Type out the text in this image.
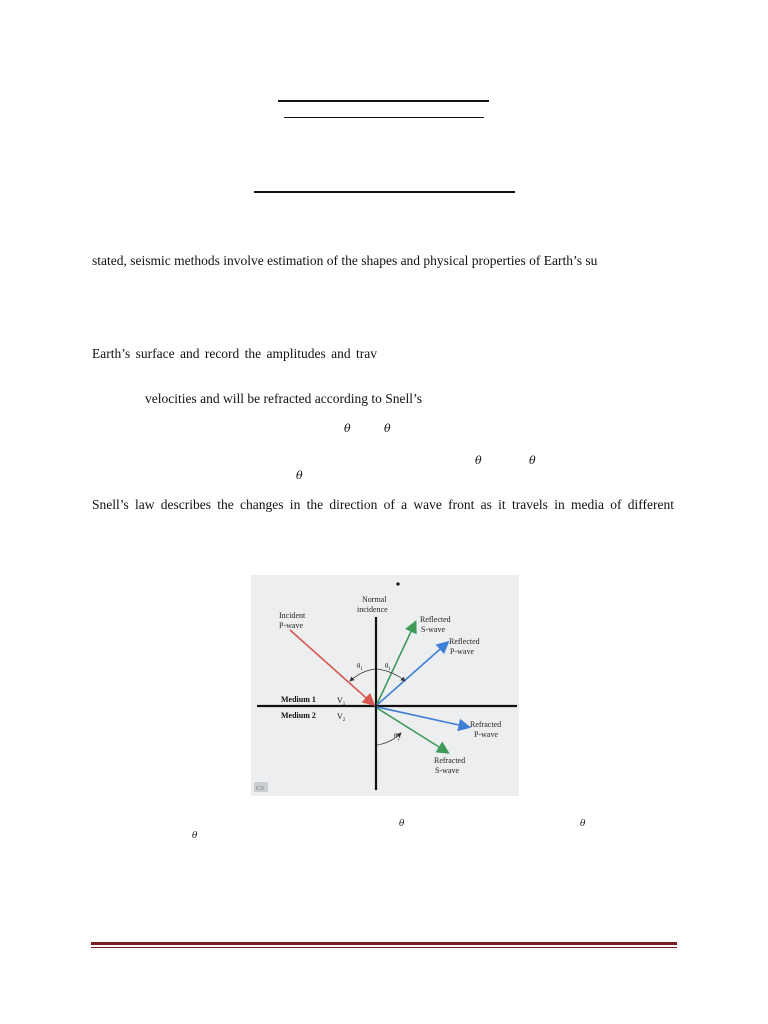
stated, seismic methods involve estimation of the shapes and physical properties of Earth’s su
Earth’s surface and record the amplitudes and trav
velocities and will be refracted according to Snell’s
θ	θ
θ	θ
θ
Snell’s law describes the changes in the direction of a wave front as it travels in media of different
Normal
incidence
Incident
P-wave
Reflected
S-wave
Reflected
P-wave
Medium 1
Medium 2
$V_1$
$V_2$
$\theta_1$	$\theta_1$
$\theta_2$
Refracted
P-wave
Refracted
S-wave
CS
θ	θ
θ
